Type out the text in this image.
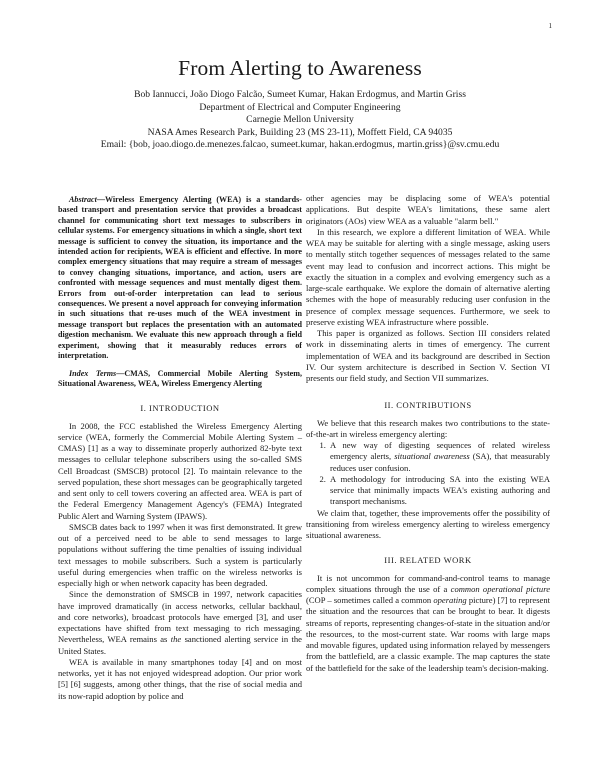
1
From Alerting to Awareness
Bob Iannucci, João Diogo Falcão, Sumeet Kumar, Hakan Erdogmus, and Martin Griss
Department of Electrical and Computer Engineering
Carnegie Mellon University
NASA Ames Research Park, Building 23 (MS 23-11), Moffett Field, CA 94035
Email: {bob, joao.diogo.de.menezes.falcao, sumeet.kumar, hakan.erdogmus, martin.griss}@sv.cmu.edu
Abstract—Wireless Emergency Alerting (WEA) is a standards-based transport and presentation service that provides a broadcast channel for communicating short text messages to subscribers in cellular systems. For emergency situations in which a single, short text message is sufficient to convey the situation, its importance and the intended action for recipients, WEA is efficient and effective. In more complex emergency situations that may require a stream of messages to convey changing situations, importance, and action, users are confronted with message sequences and must mentally digest them. Errors from out-of-order interpretation can lead to serious consequences. We present a novel approach for conveying information in such situations that re-uses much of the WEA investment in message transport but replaces the presentation with an automated digestion mechanism. We evaluate this new approach through a field experiment, showing that it measurably reduces errors of interpretation.
Index Terms—CMAS, Commercial Mobile Alerting System, Situational Awareness, WEA, Wireless Emergency Alerting
I. INTRODUCTION

In 2008, the FCC established the Wireless Emergency Alerting service (WEA, formerly the Commercial Mobile Alerting System – CMAS) [1] as a way to disseminate properly authorized 82-byte text messages to cellular telephone subscribers using the so-called SMS Cell Broadcast (SMSCB) protocol [2]. To maintain relevance to the served population, these short messages can be geographically targeted and sent only to cell towers covering an affected area. WEA is part of the Federal Emergency Management Agency's (FEMA) Integrated Public Alert and Warning System (IPAWS).

SMSCB dates back to 1997 when it was first demonstrated. It grew out of a perceived need to be able to send messages to large populations without suffering the time penalties of issuing individual text messages to mobile subscribers. Such a system is particularly useful during emergencies when traffic on the wireless networks is especially high or when network capacity has been degraded.

Since the demonstration of SMSCB in 1997, network capacities have improved dramatically (in access networks, cellular backhaul, and core networks), broadcast protocols have emerged [3], and user expectations have shifted from text messaging to rich messaging. Nevertheless, WEA remains as the sanctioned alerting service in the United States.

WEA is available in many smartphones today [4] and on most networks, yet it has not enjoyed widespread adoption. Our prior work [5] [6] suggests, among other things, that the rise of social media and its now-rapid adoption by police and

other agencies may be displacing some of WEA's potential applications. But despite WEA's limitations, these same alert originators (AOs) view WEA as a valuable "alarm bell."

In this research, we explore a different limitation of WEA. While WEA may be suitable for alerting with a single message, asking users to mentally stitch together sequences of messages related to the same event may lead to confusion and incorrect actions. This might be exactly the situation in a complex and evolving emergency such as a large-scale earthquake. We explore the domain of alternative alerting schemes with the hope of measurably reducing user confusion in the presence of complex message sequences. Furthermore, we seek to preserve existing WEA infrastructure where possible.

This paper is organized as follows. Section III considers related work in disseminating alerts in times of emergency. The current implementation of WEA and its background are described in Section IV. Our system architecture is described in Section V. Section VI presents our field study, and Section VII summarizes.

II. CONTRIBUTIONS

We believe that this research makes two contributions to the state-of-the-art in wireless emergency alerting:

1. A new way of digesting sequences of related wireless emergency alerts, situational awareness (SA), that measurably reduces user confusion.
2. A methodology for introducing SA into the existing WEA service that minimally impacts WEA's existing authoring and transport mechanisms.

We claim that, together, these improvements offer the possibility of transitioning from wireless emergency alerting to wireless emergency situational awareness.

III. RELATED WORK

It is not uncommon for command-and-control teams to manage complex situations through the use of a common operational picture (COP – sometimes called a common operating picture) [7] to represent the situation and the resources that can be brought to bear. It digests streams of reports, representing changes-of-state in the situation and/or the resources, to the most-current state. War rooms with large maps and movable figures, updated using information relayed by messengers from the battlefield, are a classic example. The map captures the state of the battlefield for the sake of the leadership team's decision-making.
